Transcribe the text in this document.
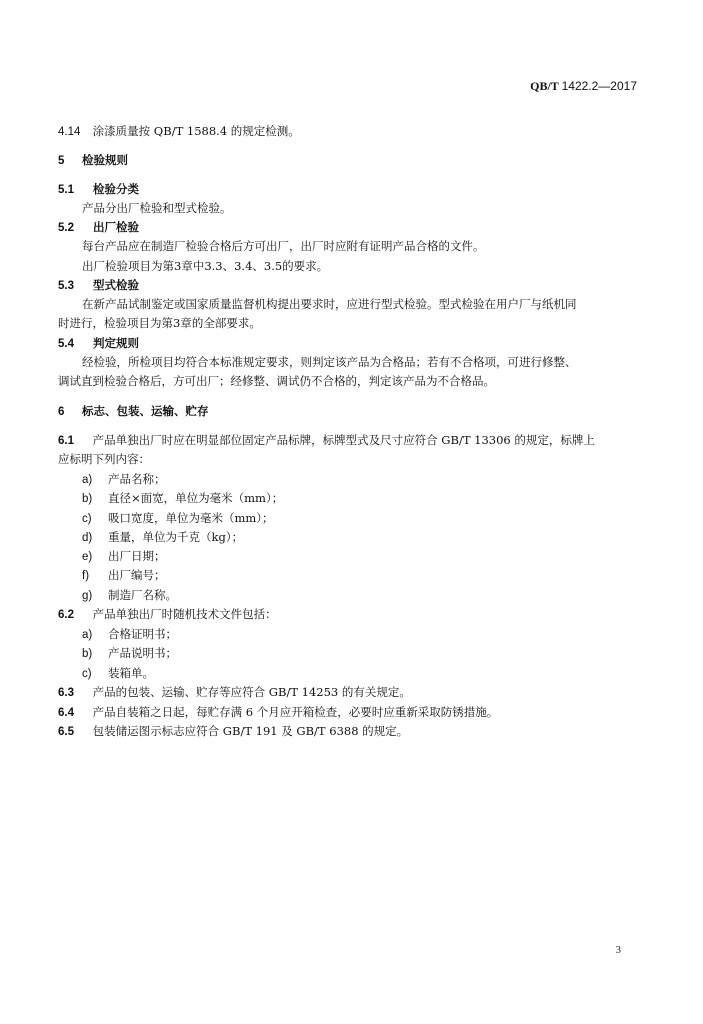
QB/T 1422.2—2017
4.14 涂漆质量按 QB/T 1588.4 的规定检测。
5 检验规则
5.1 检验分类
产品分出厂检验和型式检验。
5.2 出厂检验
每台产品应在制造厂检验合格后方可出厂，出厂时应附有证明产品合格的文件。
出厂检验项目为第3章中3.3、3.4、3.5的要求。
5.3 型式检验
在新产品试制鉴定或国家质量监督机构提出要求时，应进行型式检验。型式检验在用户厂与纸机同
时进行，检验项目为第3章的全部要求。
5.4 判定规则
经检验，所检项目均符合本标准规定要求，则判定该产品为合格品；若有不合格项，可进行修整、
调试直到检验合格后，方可出厂；经修整、调试仍不合格的，判定该产品为不合格品。
6 标志、包装、运输、贮存
6.1 产品单独出厂时应在明显部位固定产品标牌，标牌型式及尺寸应符合 GB/T 13306 的规定，标牌上
应标明下列内容：
a) 产品名称；
b) 直径×面宽，单位为毫米（mm）；
c) 吸口宽度，单位为毫米（mm）；
d) 重量，单位为千克（kg）；
e) 出厂日期；
f) 出厂编号；
g) 制造厂名称。
6.2 产品单独出厂时随机技术文件包括：
a) 合格证明书；
b) 产品说明书；
c) 装箱单。
6.3 产品的包装、运输、贮存等应符合 GB/T 14253 的有关规定。
6.4 产品自装箱之日起，每贮存满 6 个月应开箱检查，必要时应重新采取防锈措施。
6.5 包装储运图示标志应符合 GB/T 191 及 GB/T 6388 的规定。
3
